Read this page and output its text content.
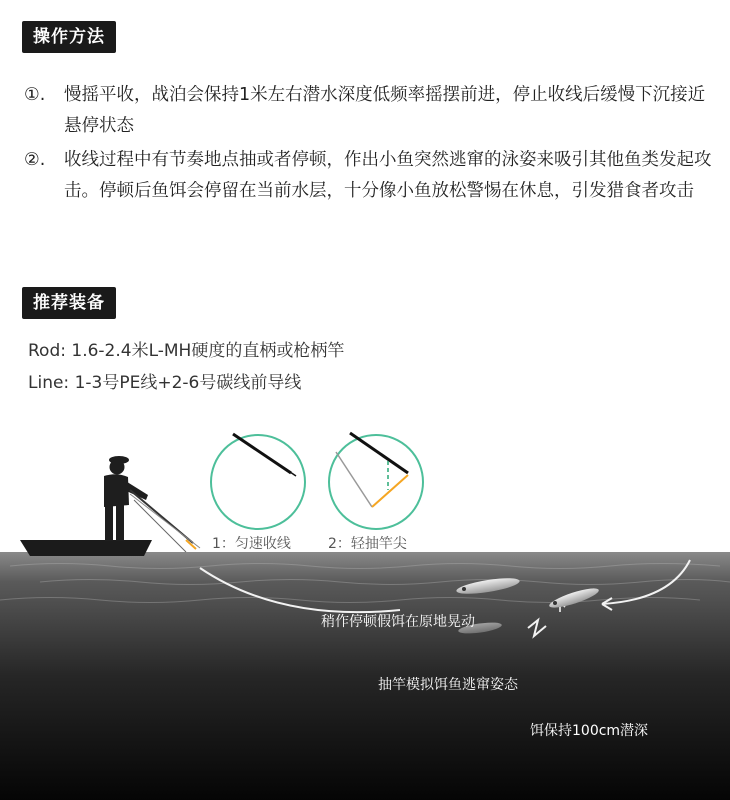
操作方法
①.	慢摇平收，战泊会保持1米左右潜水深度低频率摇摆前进，停止收线后缓慢下沉接近悬停状态
②.	收线过程中有节奏地点抽或者停顿，作出小鱼突然逃窜的泳姿来吸引其他鱼类发起攻击。停顿后鱼饵会停留在当前水层，十分像小鱼放松警惕在休息，引发猎食者攻击
推荐装备
Rod: 1.6-2.4米L-MH硬度的直柄或枪柄竿
Line: 1-3号PE线+2-6号碳线前导线
1：匀速收线	2：轻抽竿尖
稍作停顿假饵在原地晃动
抽竿模拟饵鱼逃窜姿态
饵保持100cm潜深
